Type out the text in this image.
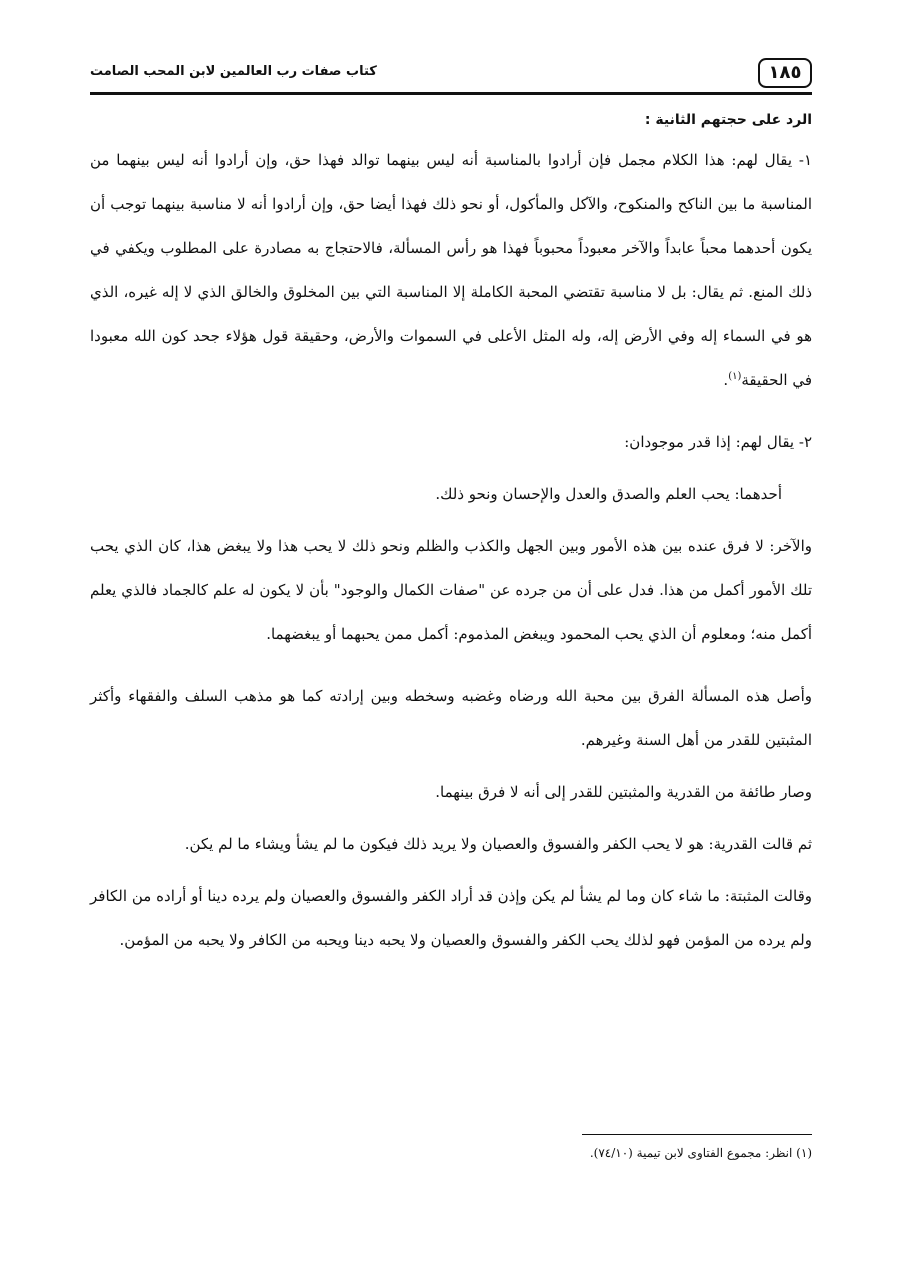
١٨٥
كتاب صفات رب العالمين لابن المحب الصامت
الرد على حجتهم الثانية :

١- يقال لهم: هذا الكلام مجمل فإن أرادوا بالمناسبة أنه ليس بينهما توالد فهذا حق، وإن أرادوا أنه ليس بينهما من المناسبة ما بين الناكح والمنكوح، والآكل والمأكول، أو نحو ذلك فهذا أيضا حق، وإن أرادوا أنه لا مناسبة بينهما توجب أن يكون أحدهما محباً عابداً والآخر معبوداً محبوباً فهذا هو رأس المسألة، فالاحتجاج به مصادرة على المطلوب ويكفي في ذلك المنع. ثم يقال: بل لا مناسبة تقتضي المحبة الكاملة إلا المناسبة التي بين المخلوق والخالق الذي لا إله غيره، الذي هو في السماء إله وفي الأرض إله، وله المثل الأعلى في السموات والأرض، وحقيقة قول هؤلاء جحد كون الله معبودا في الحقيقة$^{(١)}$.

٢- يقال لهم: إذا قدر موجودان:

أحدهما: يحب العلم والصدق والعدل والإحسان ونحو ذلك.

والآخر: لا فرق عنده بين هذه الأمور وبين الجهل والكذب والظلم ونحو ذلك لا يحب هذا ولا يبغض هذا، كان الذي يحب تلك الأمور أكمل من هذا. فدل على أن من جرده عن "صفات الكمال والوجود" بأن لا يكون له علم كالجماد فالذي يعلم أكمل منه؛ ومعلوم أن الذي يحب المحمود ويبغض المذموم: أكمل ممن يحبهما أو يبغضهما.

وأصل هذه المسألة الفرق بين محبة الله ورضاه وغضبه وسخطه وبين إرادته كما هو مذهب السلف والفقهاء وأكثر المثبتين للقدر من أهل السنة وغيرهم.

وصار طائفة من القدرية والمثبتين للقدر إلى أنه لا فرق بينهما.

ثم قالت القدرية: هو لا يحب الكفر والفسوق والعصيان ولا يريد ذلك فيكون ما لم يشأ ويشاء ما لم يكن.

وقالت المثبتة: ما شاء كان وما لم يشأ لم يكن وإذن قد أراد الكفر والفسوق والعصيان ولم يرده دينا أو أراده من الكافر ولم يرده من المؤمن فهو لذلك يحب الكفر والفسوق والعصيان ولا يحبه دينا ويحبه من الكافر ولا يحبه من المؤمن.

(١) انظر: مجموع الفتاوى لابن تيمية (٧٤/١٠).
